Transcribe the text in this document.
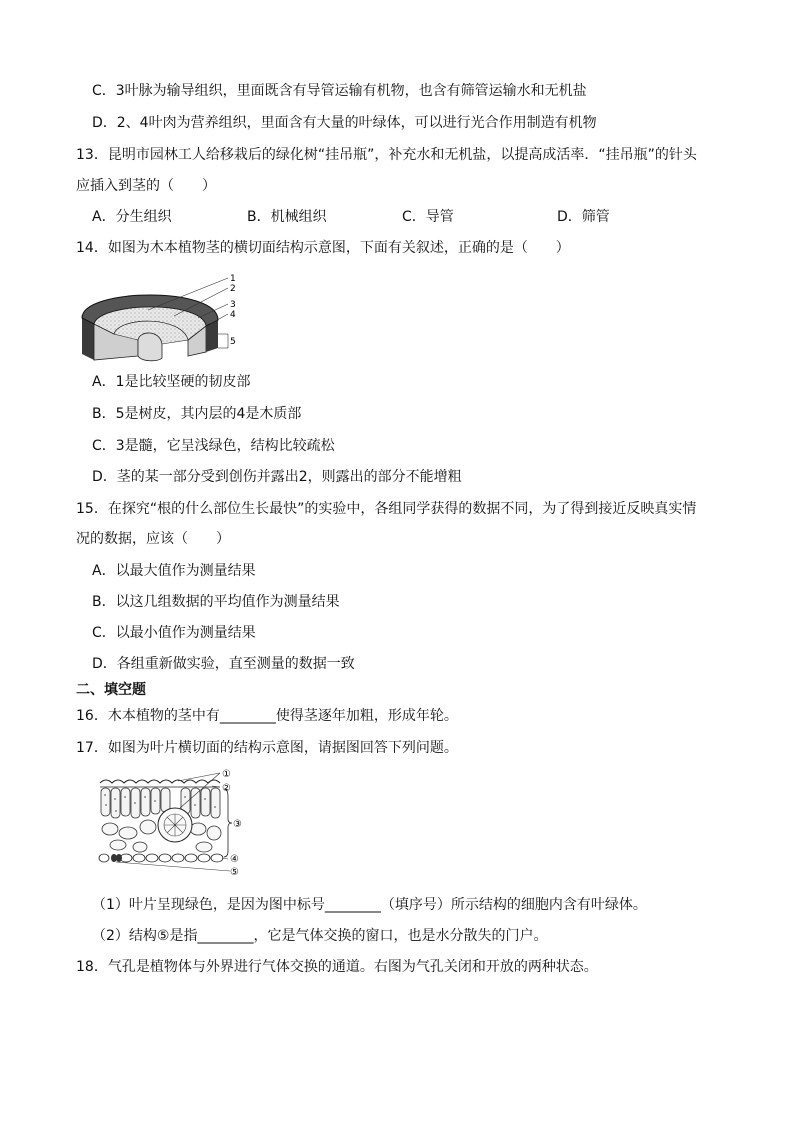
C．3叶脉为输导组织，里面既含有导管运输有机物，也含有筛管运输水和无机盐
D．2、4叶肉为营养组织，里面含有大量的叶绿体，可以进行光合作用制造有机物
13．昆明市园林工人给移栽后的绿化树“挂吊瓶”，补充水和无机盐，以提高成活率．“挂吊瓶”的针头
应插入到茎的（　　）
A．分生组织	B．机械组织	C．导管	D．筛管
14．如图为木本植物茎的横切面结构示意图，下面有关叙述，正确的是（　　）
1
2
3
4
5
A．1是比较坚硬的韧皮部
B．5是树皮，其内层的4是木质部
C．3是髓，它呈浅绿色，结构比较疏松
D．茎的某一部分受到创伤并露出2，则露出的部分不能增粗
15．在探究“根的什么部位生长最快”的实验中，各组同学获得的数据不同，为了得到接近反映真实情
况的数据，应该（　　）
A．以最大值作为测量结果
B．以这几组数据的平均值作为测量结果
C．以最小值作为测量结果
D．各组重新做实验，直至测量的数据一致
二、填空题
16．木本植物的茎中有________使得茎逐年加粗，形成年轮。
17．如图为叶片横切面的结构示意图，请据图回答下列问题。
①
②
③
④
⑤
（1）叶片呈现绿色，是因为图中标号________（填序号）所示结构的细胞内含有叶绿体。
（2）结构⑤是指________，它是气体交换的窗口，也是水分散失的门户。
18．气孔是植物体与外界进行气体交换的通道。右图为气孔关闭和开放的两种状态。
